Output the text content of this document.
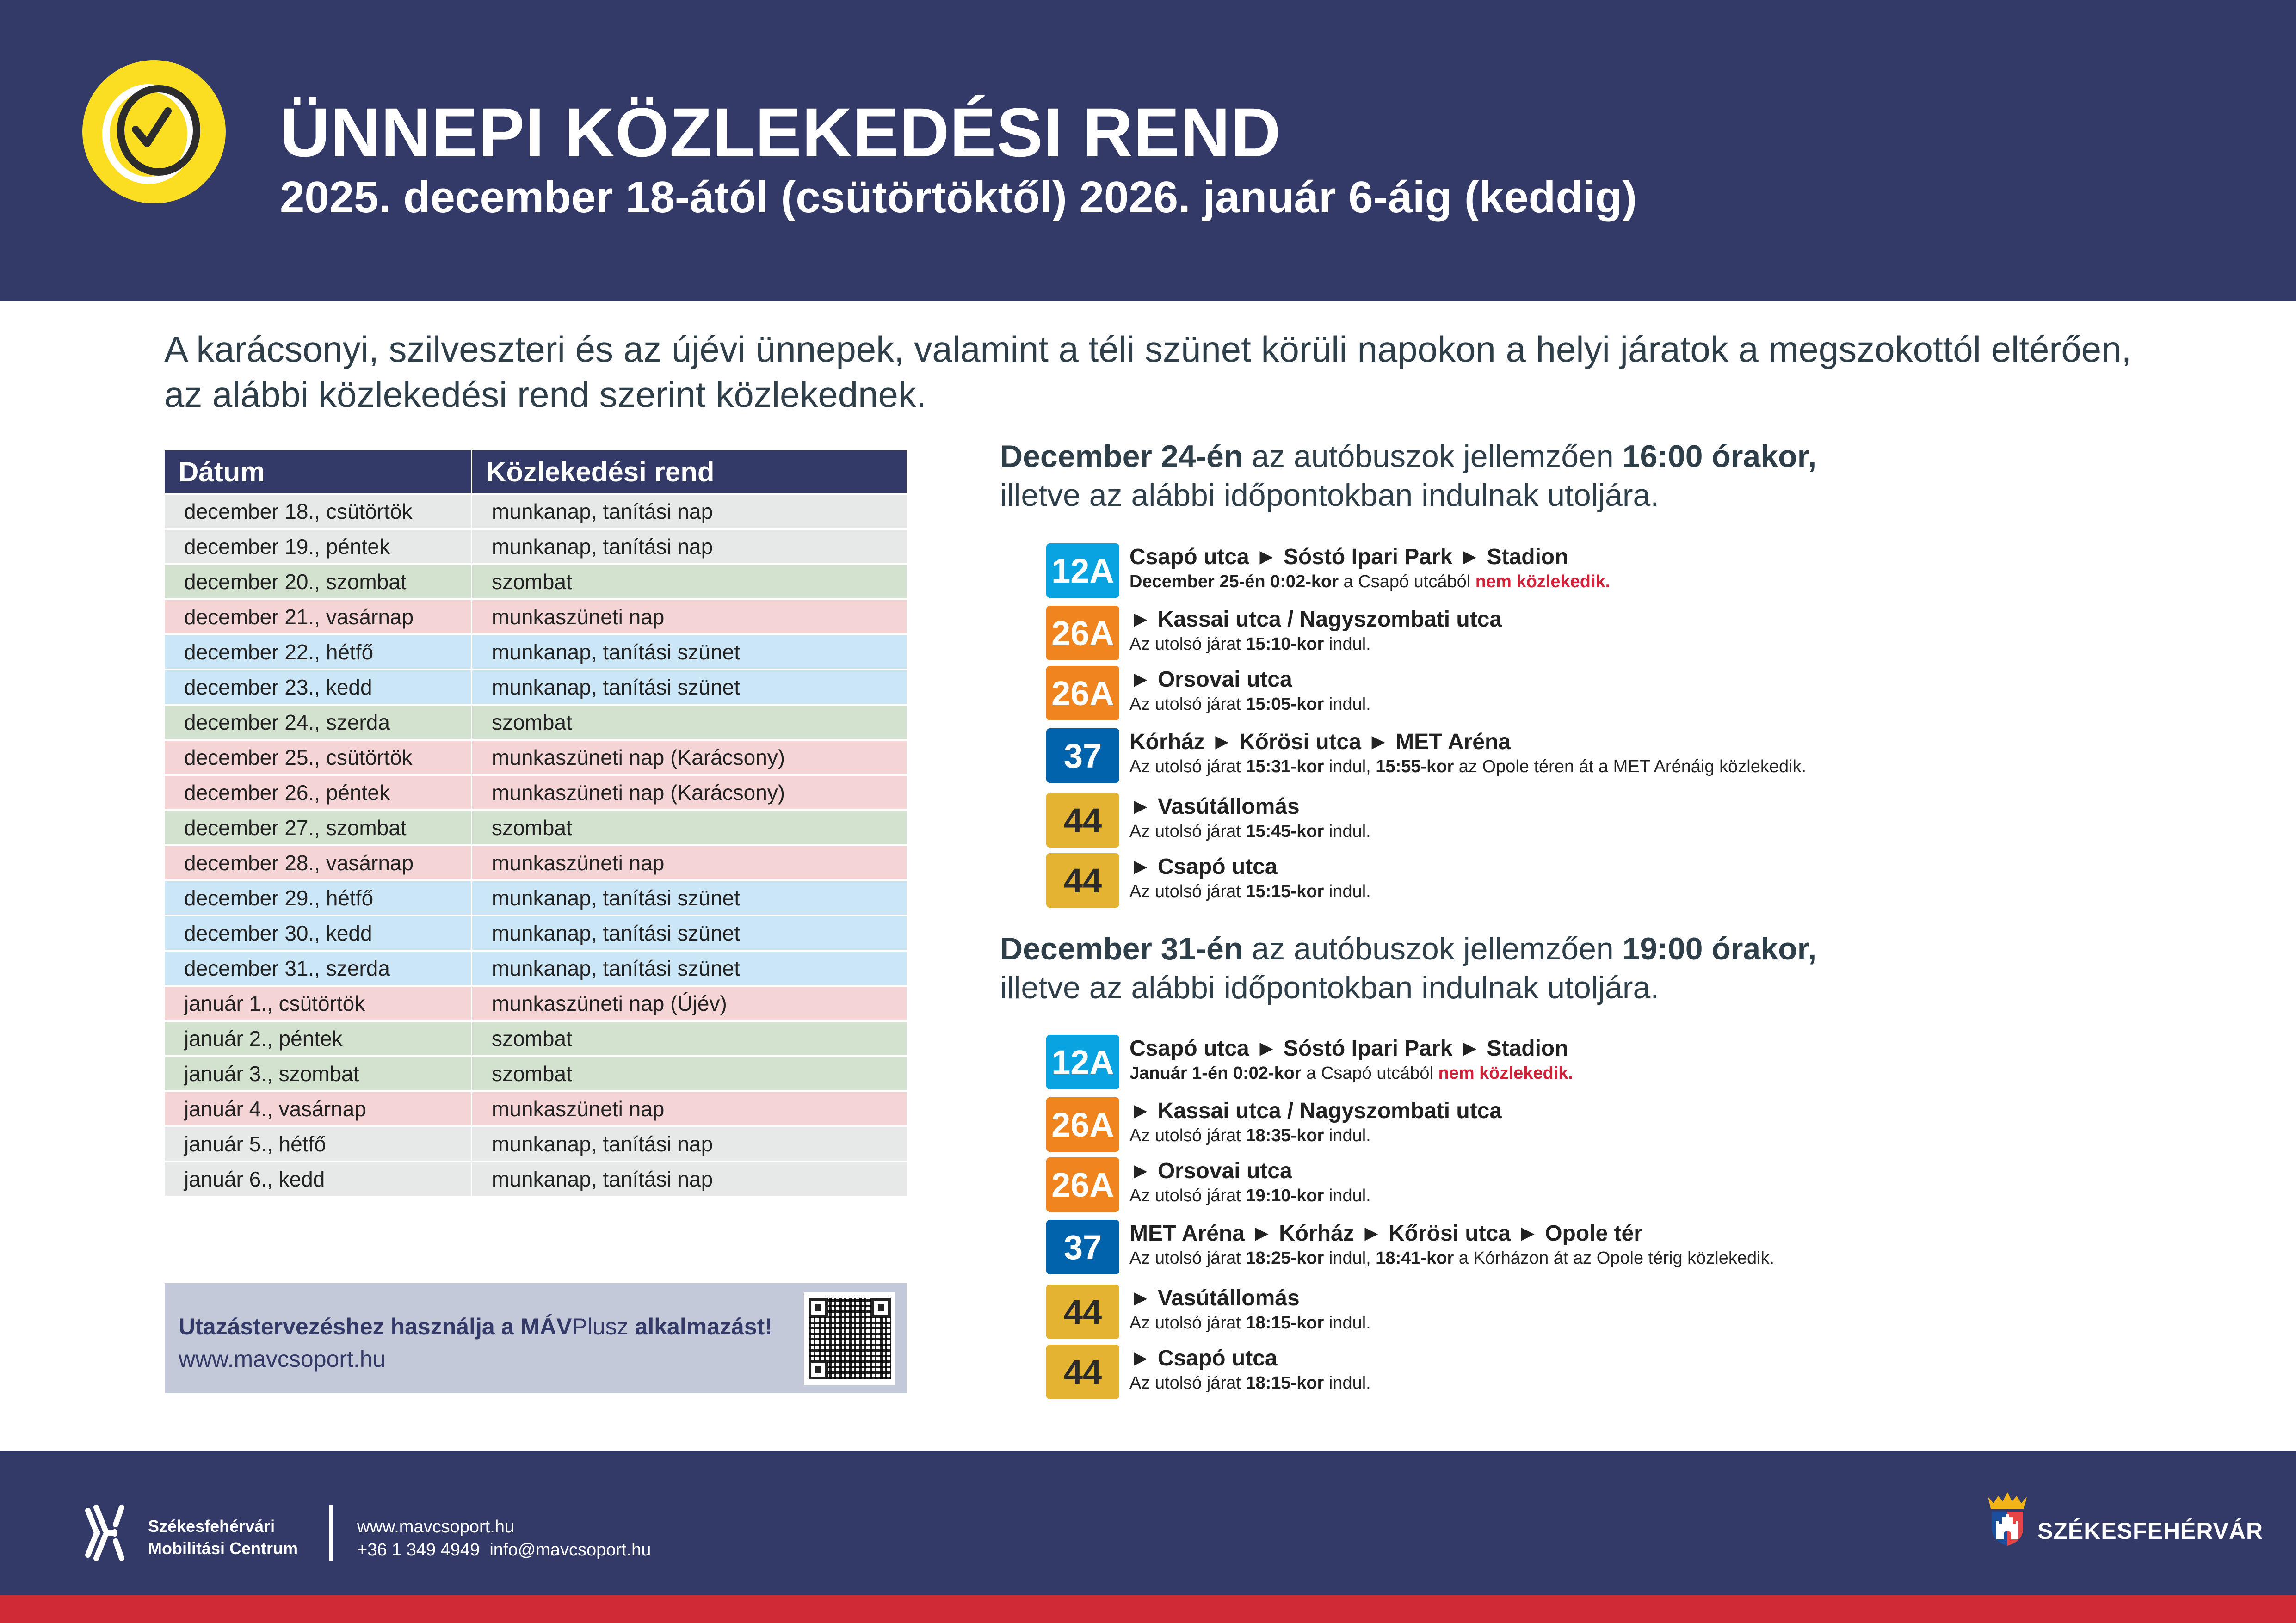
ÜNNEPI KÖZLEKEDÉSI REND
2025. december 18-ától (csütörtöktől) 2026. január 6-áig (keddig)
A karácsonyi, szilveszteri és az újévi ünnepek, valamint a téli szünet körüli napokon a helyi járatok a megszokottól eltérően, az alábbi közlekedési rend szerint közlekednek.
Dátum	Közlekedési rend
december 18., csütörtök	munkanap, tanítási nap
december 19., péntek	munkanap, tanítási nap
december 20., szombat	szombat
december 21., vasárnap	munkaszüneti nap
december 22., hétfő	munkanap, tanítási szünet
december 23., kedd	munkanap, tanítási szünet
december 24., szerda	szombat
december 25., csütörtök	munkaszüneti nap (Karácsony)
december 26., péntek	munkaszüneti nap (Karácsony)
december 27., szombat	szombat
december 28., vasárnap	munkaszüneti nap
december 29., hétfő	munkanap, tanítási szünet
december 30., kedd	munkanap, tanítási szünet
december 31., szerda	munkanap, tanítási szünet
január 1., csütörtök	munkaszüneti nap (Újév)
január 2., péntek	szombat
január 3., szombat	szombat
január 4., vasárnap	munkaszüneti nap
január 5., hétfő	munkanap, tanítási nap
január 6., kedd	munkanap, tanítási nap
Utazástervezéshez használja a MÁVPlusz alkalmazást!
www.mavcsoport.hu
December 24-én az autóbuszok jellemzően 16:00 órakor,
illetve az alábbi időpontokban indulnak utoljára.
12A Csapó utca ► Sóstó Ipari Park ► Stadion
December 25-én 0:02-kor a Csapó utcából nem közlekedik.
26A ► Kassai utca / Nagyszombati utca
Az utolsó járat 15:10-kor indul.
26A ► Orsovai utca
Az utolsó járat 15:05-kor indul.
37	Kórház ► Kőrösi utca ► MET Aréna
Az utolsó járat 15:31-kor indul, 15:55-kor az Opole téren át a MET Arénáig közlekedik.
44	► Vasútállomás
Az utolsó járat 15:45-kor indul.
44	► Csapó utca
Az utolsó járat 15:15-kor indul.
December 31-én az autóbuszok jellemzően 19:00 órakor,
illetve az alábbi időpontokban indulnak utoljára.
12A Csapó utca ► Sóstó Ipari Park ► Stadion
Január 1-én 0:02-kor a Csapó utcából nem közlekedik.
26A ► Kassai utca / Nagyszombati utca
Az utolsó járat 18:35-kor indul.
26A ► Orsovai utca
Az utolsó járat 19:10-kor indul.
37	MET Aréna ► Kórház ► Kőrösi utca ► Opole tér
Az utolsó járat 18:25-kor indul, 18:41-kor a Kórházon át az Opole térig közlekedik.
44	► Vasútállomás
Az utolsó járat 18:15-kor indul.
44	► Csapó utca
Az utolsó járat 18:15-kor indul.
Székesfehérvári
Mobilitási Centrum
www.mavcsoport.hu
+36 1 349 4949 info@mavcsoport.hu
SZÉKESFEHÉRVÁR
